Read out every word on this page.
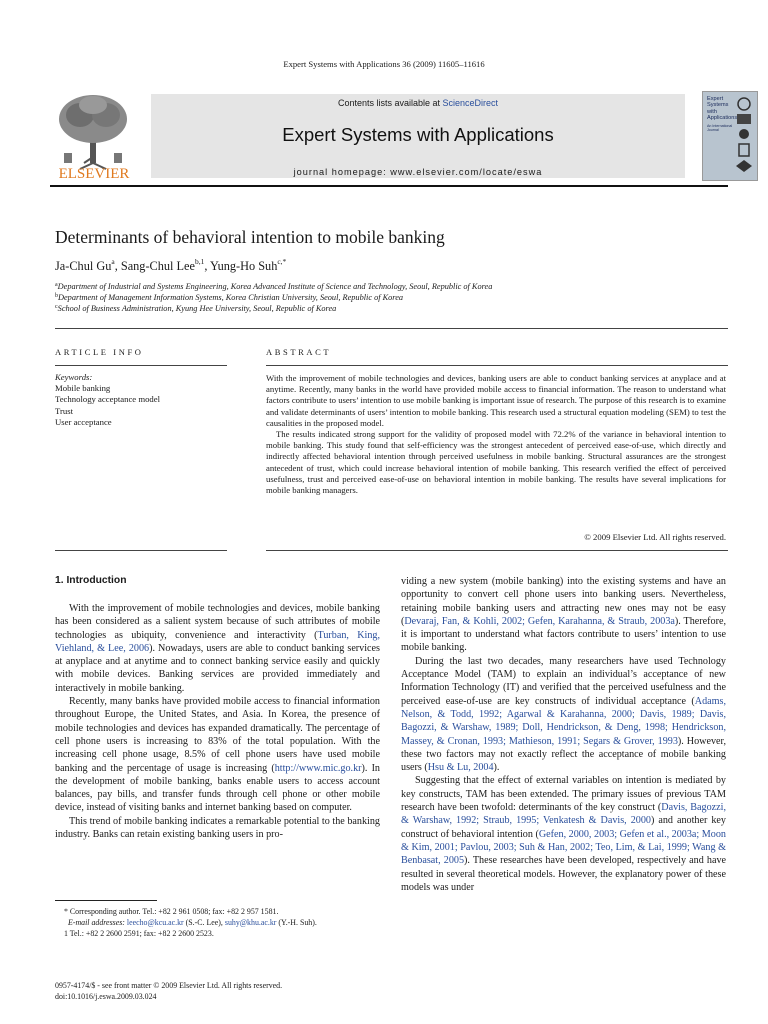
Expert Systems with Applications 36 (2009) 11605–11616
ELSEVIER
Contents lists available at ScienceDirect
Expert Systems with Applications
journal homepage: www.elsevier.com/locate/eswa
Expert
Systems
with
Applications
An International
Journal
Determinants of behavioral intention to mobile banking
Ja-Chul Gu$^a$, Sang-Chul Lee$^{b,1}$, Yung-Ho Suh$^{c,*}$
$^a$Department of Industrial and Systems Engineering, Korea Advanced Institute of Science and Technology, Seoul, Republic of Korea
$^b$Department of Management Information Systems, Korea Christian University, Seoul, Republic of Korea
$^c$School of Business Administration, Kyung Hee University, Seoul, Republic of Korea
ARTICLE INFO
Keywords:
Mobile banking
Technology acceptance model
Trust
User acceptance
ABSTRACT

With the improvement of mobile technologies and devices, banking users are able to conduct banking services at anyplace and at anytime. Recently, many banks in the world have provided mobile access to financial information. The reason to understand what factors contribute to users’ intention to use mobile banking is important issue of research. The purpose of this research is to examine and validate determinants of users’ intention to mobile banking. This research used a structural equation modeling (SEM) to test the causalities in the proposed model.

The results indicated strong support for the validity of proposed model with 72.2% of the variance in behavioral intention to mobile banking. This study found that self-efficiency was the strongest antecedent of perceived ease-of-use, which directly and indirectly affected behavioral intention through perceived usefulness in mobile banking. Structural assurances are the strongest antecedent of trust, which could increase behavioral intention of mobile banking. This research verified the effect of perceived usefulness, trust and perceived ease-of-use on behavioral intention in mobile banking. The results have several implications for mobile banking managers.

© 2009 Elsevier Ltd. All rights reserved.
1. Introduction

With the improvement of mobile technologies and devices, mobile banking has been considered as a salient system because of such attributes of mobile technologies as ubiquity, convenience and interactivity (Turban, King, Viehland, & Lee, 2006). Nowadays, users are able to conduct banking services at anyplace and at anytime and to connect banking service easily and quickly with mobile devices. Banking services are provided immediately and interactively in mobile banking.

Recently, many banks have provided mobile access to financial information throughout Europe, the United States, and Asia. In Korea, the presence of mobile technologies and devices has expanded dramatically. The percentage of cell phone users is increasing to 83% of the total population. With the increasing cell phone usage, 8.5% of cell phone users have used mobile banking and the percentage of usage is increasing (http://www.mic.go.kr). In the development of mobile banking, banks enable users to access account balances, pay bills, and transfer funds through cell phone or other mobile device, instead of visiting banks and internet banking based on computer.

This trend of mobile banking indicates a remarkable potential to the banking industry. Banks can retain existing banking users in pro-

viding a new system (mobile banking) into the existing systems and have an opportunity to convert cell phone users into banking users. Nevertheless, retaining mobile banking users and attracting new ones may not be easy (Devaraj, Fan, & Kohli, 2002; Gefen, Karahanna, & Straub, 2003a). Therefore, it is important to understand what factors contribute to users’ intention to use mobile banking.

During the last two decades, many researchers have used Technology Acceptance Model (TAM) to explain an individual’s acceptance of new Information Technology (IT) and verified that the perceived usefulness and the perceived ease-of-use are key constructs of individual acceptance (Adams, Nelson, & Todd, 1992; Agarwal & Karahanna, 2000; Davis, 1989; Davis, Bagozzi, & Warshaw, 1989; Doll, Hendrickson, & Deng, 1998; Hendrickson, Massey, & Cronan, 1993; Mathieson, 1991; Segars & Grover, 1993). However, these two factors may not exactly reflect the acceptance of mobile banking users (Hsu & Lu, 2004).

Suggesting that the effect of external variables on intention is mediated by key constructs, TAM has been extended. The primary issues of previous TAM research have been twofold: determinants of the key construct (Davis, Bagozzi, & Warshaw, 1992; Straub, 1995; Venkatesh & Davis, 2000) and another key construct of behavioral intention (Gefen, 2000, 2003; Gefen et al., 2003a; Moon & Kim, 2001; Pavlou, 2003; Suh & Han, 2002; Teo, Lim, & Lai, 1999; Wang & Benbasat, 2005). These researches have been developed, respectively and have resulted in several theoretical models. However, the explanatory power of these models was under

* Corresponding author. Tel.: +82 2 961 0508; fax: +82 2 957 1581.
E-mail addresses: leecho@kcu.ac.kr (S.-C. Lee), suhy@khu.ac.kr (Y.-H. Suh).
1 Tel.: +82 2 2600 2591; fax: +82 2 2600 2523.
0957-4174/$ - see front matter © 2009 Elsevier Ltd. All rights reserved.
doi:10.1016/j.eswa.2009.03.024
